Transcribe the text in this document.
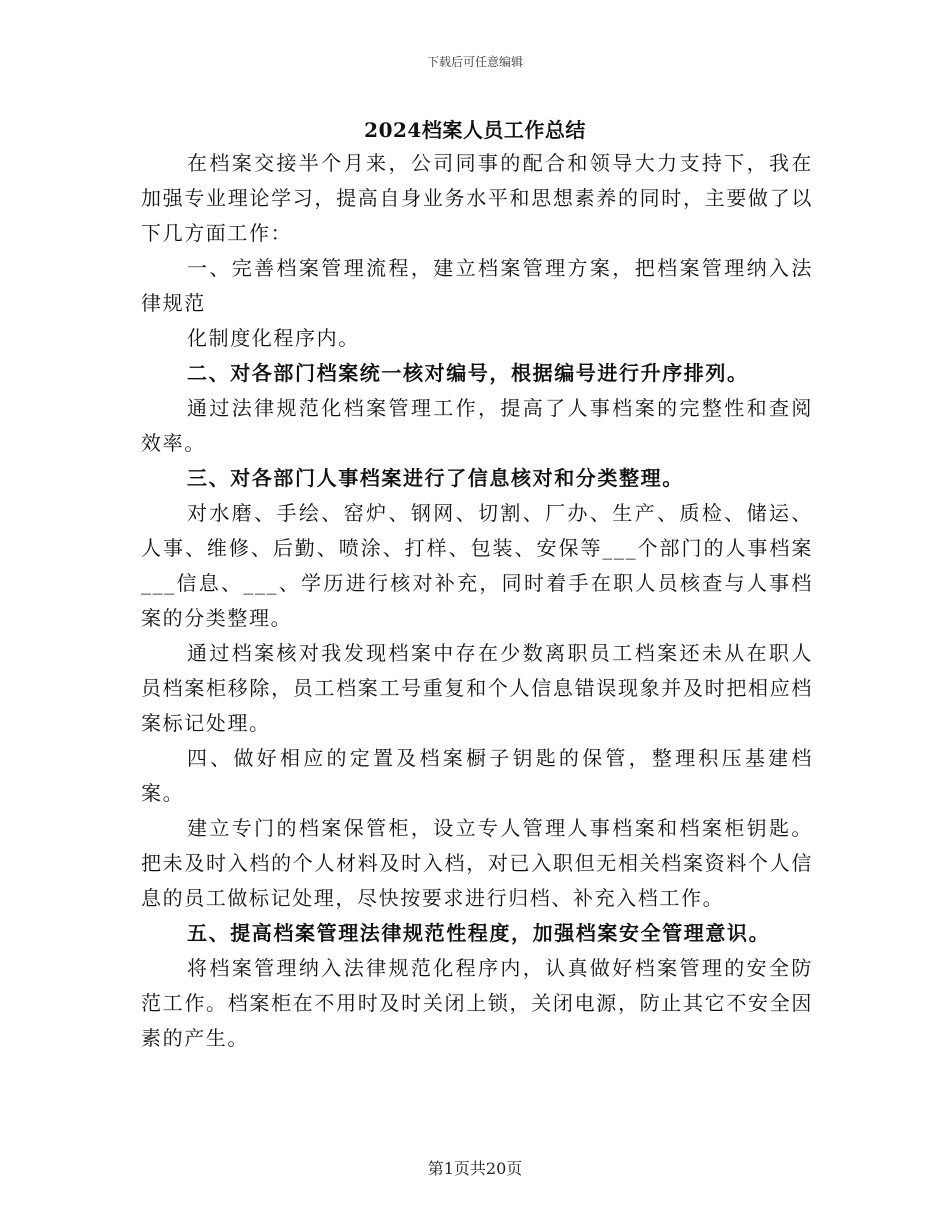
下载后可任意编辑
2024档案人员工作总结

在档案交接半个月来，公司同事的配合和领导大力支持下，我在加强专业理论学习，提高自身业务水平和思想素养的同时，主要做了以下几方面工作：

一、完善档案管理流程，建立档案管理方案，把档案管理纳入法律规范

化制度化程序内。

二、对各部门档案统一核对编号，根据编号进行升序排列。

通过法律规范化档案管理工作，提高了人事档案的完整性和查阅效率。

三、对各部门人事档案进行了信息核对和分类整理。

对水磨、手绘、窑炉、钢网、切割、厂办、生产、质检、储运、人事、维修、后勤、喷涂、打样、包装、安保等___个部门的人事档案___信息、___、学历进行核对补充，同时着手在职人员核查与人事档案的分类整理。

通过档案核对我发现档案中存在少数离职员工档案还未从在职人员档案柜移除，员工档案工号重复和个人信息错误现象并及时把相应档案标记处理。

四、做好相应的定置及档案橱子钥匙的保管，整理积压基建档案。

建立专门的档案保管柜，设立专人管理人事档案和档案柜钥匙。把未及时入档的个人材料及时入档，对已入职但无相关档案资料个人信息的员工做标记处理，尽快按要求进行归档、补充入档工作。

五、提高档案管理法律规范性程度，加强档案安全管理意识。

将档案管理纳入法律规范化程序内，认真做好档案管理的安全防范工作。档案柜在不用时及时关闭上锁，关闭电源，防止其它不安全因素的产生。

第1页共20页
